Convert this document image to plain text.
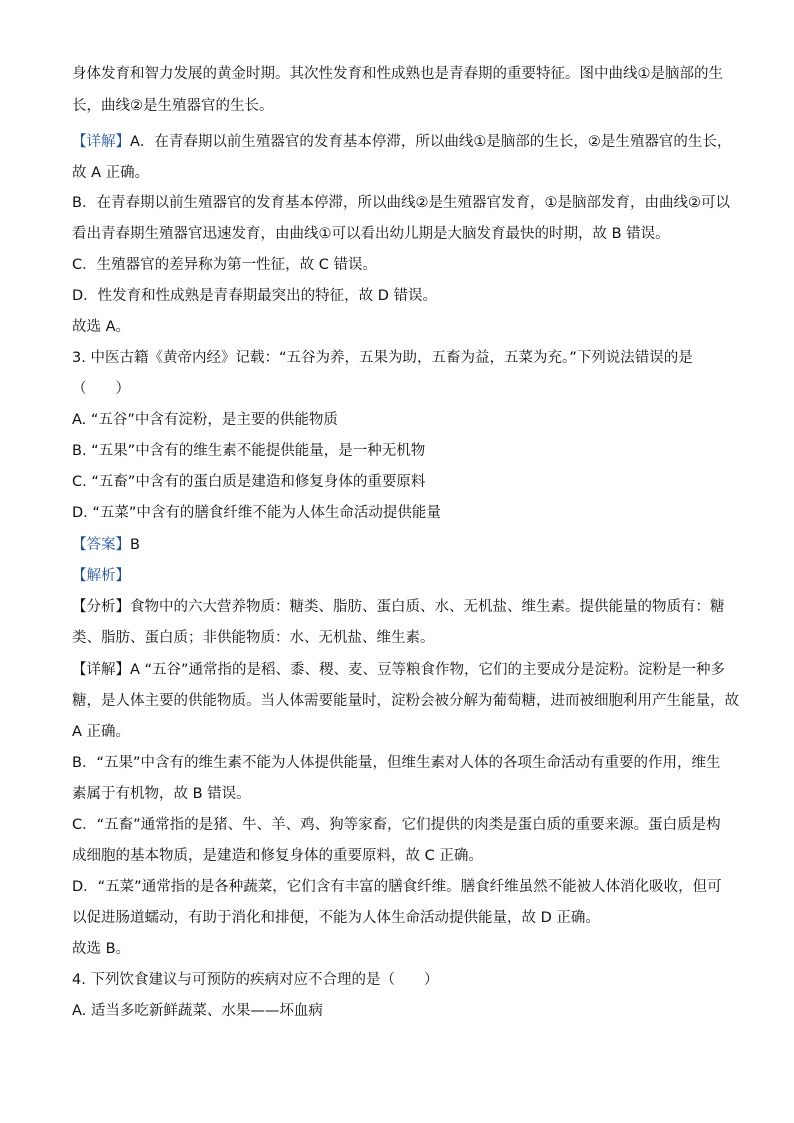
身体发育和智力发展的黄金时期。其次性发育和性成熟也是青春期的重要特征。图中曲线①是脑部的生
长，曲线②是生殖器官的生长。
【详解】A．在青春期以前生殖器官的发育基本停滞，所以曲线①是脑部的生长，②是生殖器官的生长，
故 A 正确。
B．在青春期以前生殖器官的发育基本停滞，所以曲线②是生殖器官发育，①是脑部发育，由曲线②可以
看出青春期生殖器官迅速发育，由曲线①可以看出幼儿期是大脑发育最快的时期，故 B 错误。
C．生殖器官的差异称为第一性征，故 C 错误。
D．性发育和性成熟是青春期最突出的特征，故 D 错误。
故选 A。
3. 中医古籍《黄帝内经》记载：“五谷为养，五果为助，五畜为益，五菜为充。”下列说法错误的是
（　　）
A. “五谷”中含有淀粉，是主要的供能物质
B. “五果”中含有的维生素不能提供能量，是一种无机物
C. “五畜”中含有的蛋白质是建造和修复身体的重要原料
D. “五菜”中含有的膳食纤维不能为人体生命活动提供能量
【答案】B
【解析】
【分析】食物中的六大营养物质：糖类、脂肪、蛋白质、水、无机盐、维生素。提供能量的物质有：糖
类、脂肪、蛋白质；非供能物质：水、无机盐、维生素。
【详解】A “五谷”通常指的是稻、黍、稷、麦、豆等粮食作物，它们的主要成分是淀粉。淀粉是一种多
糖，是人体主要的供能物质。当人体需要能量时，淀粉会被分解为葡萄糖，进而被细胞利用产生能量，故
A 正确。
B．“五果”中含有的维生素不能为人体提供能量，但维生素对人体的各项生命活动有重要的作用，维生
素属于有机物，故 B 错误。
C．“五畜”通常指的是猪、牛、羊、鸡、狗等家畜，它们提供的肉类是蛋白质的重要来源。蛋白质是构
成细胞的基本物质，是建造和修复身体的重要原料，故 C 正确。
D．“五菜”通常指的是各种蔬菜，它们含有丰富的膳食纤维。膳食纤维虽然不能被人体消化吸收，但可
以促进肠道蠕动，有助于消化和排便，不能为人体生命活动提供能量，故 D 正确。
故选 B。
4. 下列饮食建议与可预防的疾病对应不合理的是（　　）
A. 适当多吃新鲜蔬菜、水果——坏血病
